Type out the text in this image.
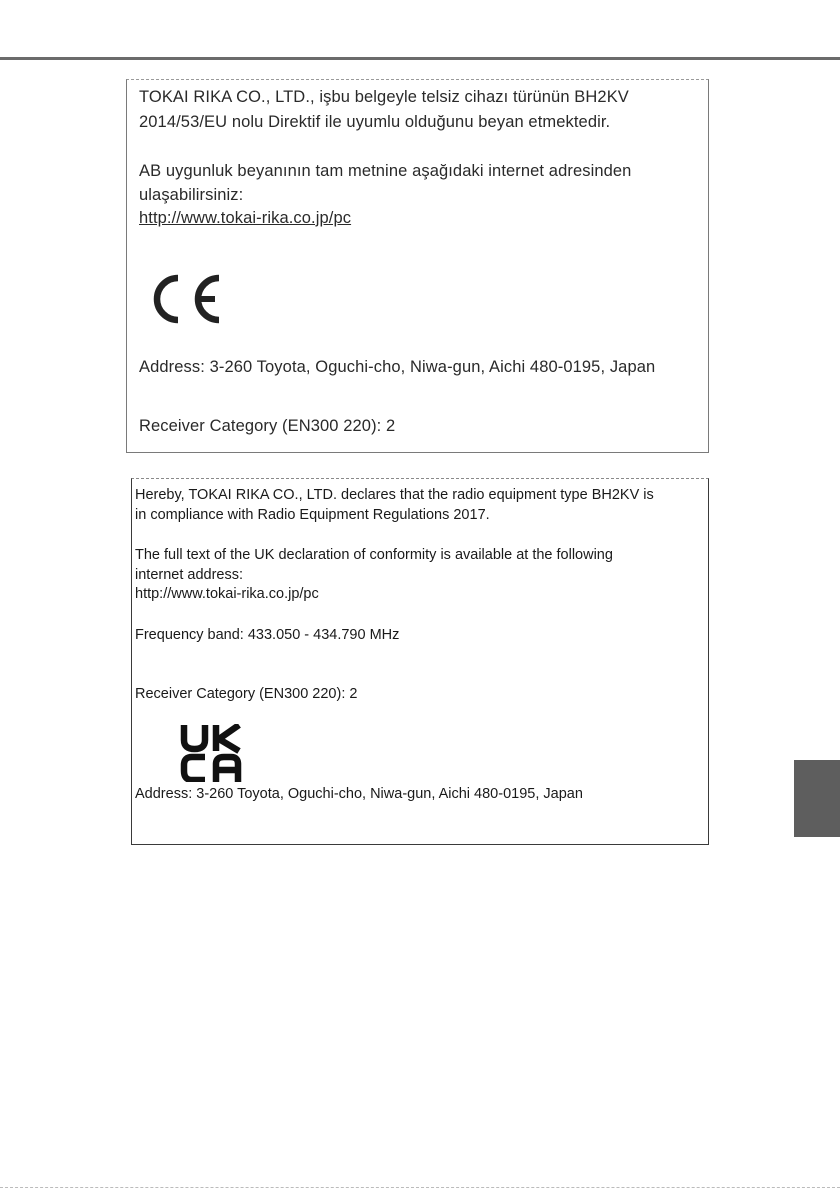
TOKAI RIKA CO., LTD., işbu belgeyle telsiz cihazı türünün BH2KV
2014/53/EU nolu Direktif ile uyumlu olduğunu beyan etmektedir.
AB uygunluk beyanının tam metnine aşağıdaki internet adresinden
ulaşabilirsiniz:
http://www.tokai-rika.co.jp/pc
Address: 3-260 Toyota, Oguchi-cho, Niwa-gun, Aichi 480-0195, Japan
Receiver Category (EN300 220): 2
Hereby, TOKAI RIKA CO., LTD. declares that the radio equipment type BH2KV is
in compliance with Radio Equipment Regulations 2017.
The full text of the UK declaration of conformity is available at the following
internet address:
http://www.tokai-rika.co.jp/pc
Frequency band: 433.050 - 434.790 MHz
Receiver Category (EN300 220): 2
Address: 3-260 Toyota, Oguchi-cho, Niwa-gun, Aichi 480-0195, Japan
